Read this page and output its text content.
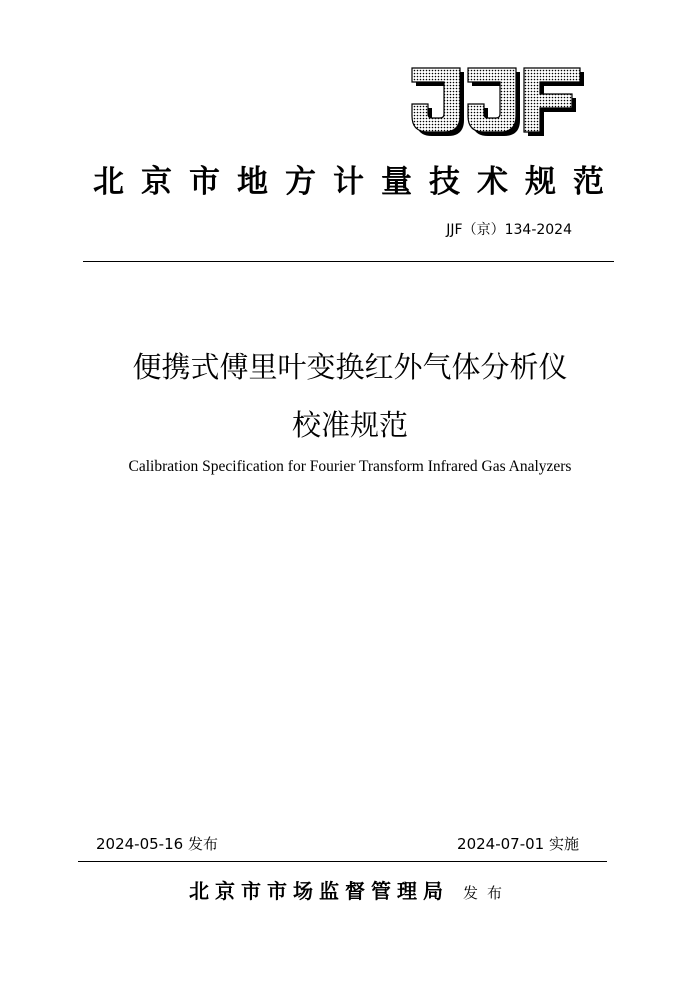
北京市地方计量技术规范
JJF（京）134-2024
便携式傅里叶变换红外气体分析仪
校准规范
Calibration Specification for Fourier Transform Infrared Gas Analyzers
2024-05-16 发布	2024-07-01 实施
北京市市场监督管理局 发布
